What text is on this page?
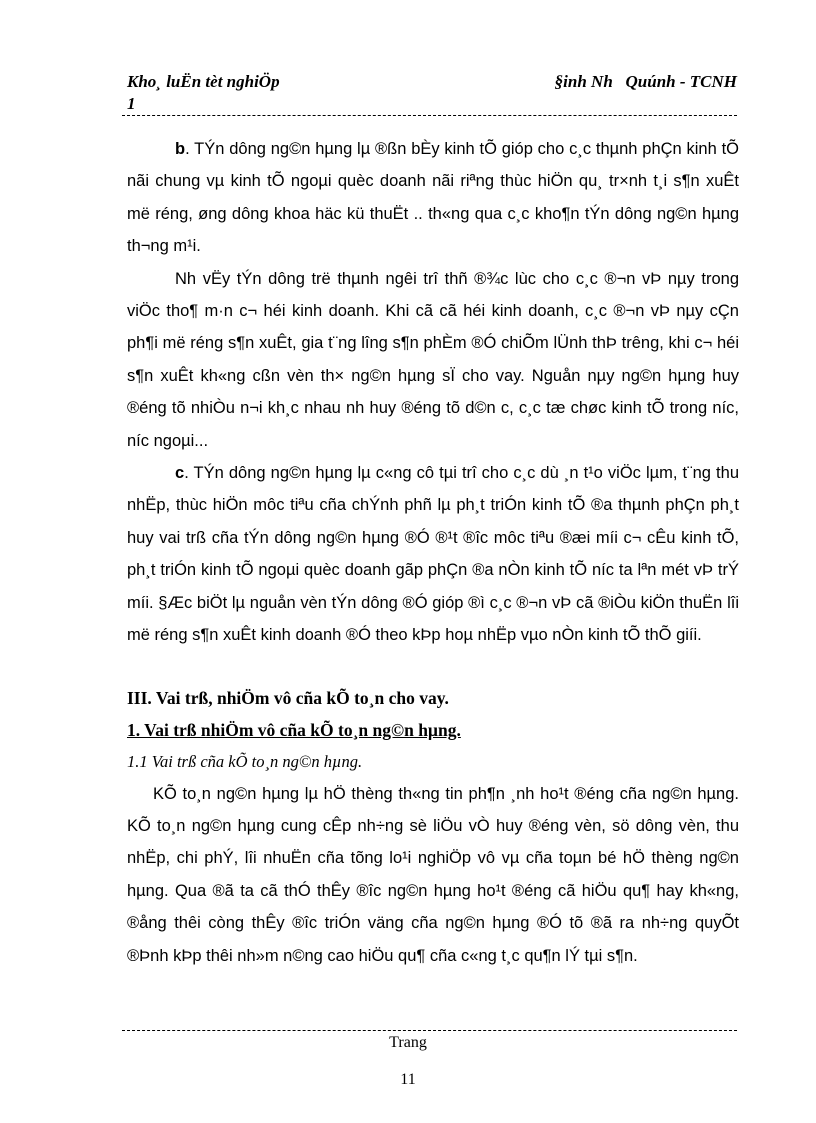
Kho¸ luËn tèt nghiÖp	§inh Nh   Quúnh - TCNH
1

b. TÝn dông ng©n hµng lµ ®ßn bÈy kinh tÕ gióp cho c¸c thµnh phÇn kinh tÕ nãi chung vµ kinh tÕ ngoµi quèc doanh nãi riªng thùc hiÖn qu¸ tr×nh t¸i s¶n xuÊt më réng, øng dông khoa häc kü thuËt .. th«ng qua c¸c kho¶n tÝn dông ng©n hµng th¬ng m¹i.

Nh vËy tÝn dông trë thµnh ngêi trî thñ ®¾c lùc cho c¸c ®¬n vÞ nµy trong viÖc tho¶ m·n c¬ héi kinh doanh. Khi cã cã héi kinh doanh, c¸c ®¬n vÞ nµy cÇn ph¶i më réng s¶n xuÊt, gia t¨ng lîng s¶n phÈm ®Ó chiÕm lÜnh thÞ trêng, khi c¬ héi s¶n xuÊt kh«ng cßn vèn th× ng©n hµng sÏ cho vay. Nguån nµy ng©n hµng huy ®éng tõ nhiÒu n¬i kh¸c nhau nh huy ®éng tõ d©n c, c¸c tæ chøc kinh tÕ trong níc, níc ngoµi...

c. TÝn dông ng©n hµng lµ c«ng cô tµi trî cho c¸c dù ¸n t¹o viÖc lµm, t¨ng thu nhËp, thùc hiÖn môc tiªu cña chÝnh phñ lµ ph¸t triÓn kinh tÕ ®a thµnh phÇn ph¸t huy vai trß cña tÝn dông ng©n hµng ®Ó ®¹t ®îc môc tiªu ®æi míi c¬ cÊu kinh tÕ, ph¸t triÓn kinh tÕ ngoµi quèc doanh gãp phÇn ®a nÒn kinh tÕ níc ta lªn mét vÞ trÝ míi. §Æc biÖt lµ nguån vèn tÝn dông ®Ó gióp ®ì c¸c ®¬n vÞ cã ®iÒu kiÖn thuËn lîi më réng s¶n xuÊt kinh doanh ®Ó theo kÞp hoµ nhËp vµo nÒn kinh tÕ thÕ giíi.

III. Vai trß, nhiÖm vô cña kÕ to¸n cho vay.

1. Vai trß nhiÖm vô cña kÕ to¸n ng©n hµng.

1.1 Vai trß cña kÕ to¸n ng©n hµng.

KÕ to¸n ng©n hµng lµ hÖ thèng th«ng tin ph¶n ¸nh ho¹t ®éng cña ng©n hµng. KÕ to¸n ng©n hµng cung cÊp nh÷ng sè liÖu vÒ huy ®éng vèn, sö dông vèn, thu nhËp, chi phÝ, lîi nhuËn cña tõng lo¹i nghiÖp vô vµ cña toµn bé hÖ thèng ng©n hµng. Qua ®ã ta cã thÓ thÊy ®îc ng©n hµng ho¹t ®éng cã hiÖu qu¶ hay kh«ng, ®ång thêi còng thÊy ®îc triÓn väng cña ng©n hµng ®Ó tõ ®ã ra nh÷ng quyÕt ®Þnh kÞp thêi nh»m n©ng cao hiÖu qu¶ cña c«ng t¸c qu¶n lÝ tµi s¶n.

Trang
11
